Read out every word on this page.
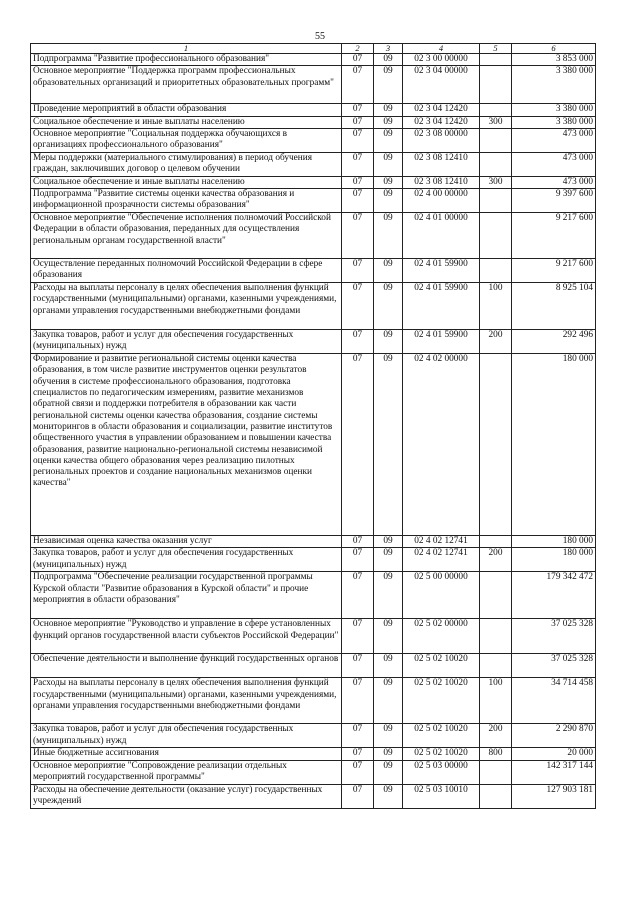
55
1	2	3	4	5	6
Подпрограмма "Развитие профессионального образования"	07	09	02 3 00 00000		3 853 000
Основное мероприятие "Поддержка программ профессиональных образовательных организаций и приоритетных образовательных программ"	07	09	02 3 04 00000		3 380 000
Проведение мероприятий в области образования	07	09	02 3 04 12420		3 380 000
Социальное обеспечение и иные выплаты населению	07	09	02 3 04 12420	300	3 380 000
Основное мероприятие "Социальная поддержка обучающихся в организациях профессионального образования"	07	09	02 3 08 00000		473 000
Меры поддержки (материального стимулирования) в период обучения граждан, заключивших договор о целевом обучении	07	09	02 3 08 12410		473 000
Социальное обеспечение и иные выплаты населению	07	09	02 3 08 12410	300	473 000
Подпрограмма "Развитие системы оценки качества образования и информационной прозрачности системы образования"	07	09	02 4 00 00000		9 397 600
Основное мероприятие "Обеспечение исполнения полномочий Российской Федерации в области образования, переданных для осуществления региональным органам государственной власти"	07	09	02 4 01 00000		9 217 600
Осуществление переданных полномочий Российской Федерации в сфере образования	07	09	02 4 01 59900		9 217 600
Расходы на выплаты персоналу в целях обеспечения выполнения функций государственными (муниципальными) органами, казенными учреждениями, органами управления государственными внебюджетными фондами	07	09	02 4 01 59900	100	8 925 104
Закупка товаров, работ и услуг для обеспечения государственных (муниципальных) нужд	07	09	02 4 01 59900	200	292 496
Формирование и развитие региональной системы оценки качества образования, в том числе развитие инструментов оценки результатов обучения в системе профессионального образования, подготовка специалистов по педагогическим измерениям, развитие механизмов обратной связи и поддержки потребителя в образовании как части региональной системы оценки качества образования, создание системы мониторингов в области образования и социализации, развитие институтов общественного участия в управлении образованием и повышении качества образования, развитие национально-региональной системы независимой оценки качества общего образования через реализацию пилотных региональных проектов и создание национальных механизмов оценки качества"	07	09	02 4 02 00000		180 000
Независимая оценка качества оказания услуг	07	09	02 4 02 12741		180 000
Закупка товаров, работ и услуг для обеспечения государственных (муниципальных) нужд	07	09	02 4 02 12741	200	180 000
Подпрограмма "Обеспечение реализации государственной программы Курской области "Развитие образования в Курской области" и прочие мероприятия в области образования"	07	09	02 5 00 00000		179 342 472
Основное мероприятие "Руководство и управление в сфере установленных функций органов государственной власти субъектов Российской Федерации"	07	09	02 5 02 00000		37 025 328
Обеспечение деятельности и выполнение функций государственных органов	07	09	02 5 02 10020		37 025 328
Расходы на выплаты персоналу в целях обеспечения выполнения функций государственными (муниципальными) органами, казенными учреждениями, органами управления государственными внебюджетными фондами	07	09	02 5 02 10020	100	34 714 458
Закупка товаров, работ и услуг для обеспечения государственных (муниципальных) нужд	07	09	02 5 02 10020	200	2 290 870
Иные бюджетные ассигнования	07	09	02 5 02 10020	800	20 000
Основное мероприятие "Сопровождение реализации отдельных мероприятий государственной программы"	07	09	02 5 03 00000		142 317 144
Расходы на обеспечение деятельности (оказание услуг) государственных учреждений	07	09	02 5 03 10010		127 903 181
